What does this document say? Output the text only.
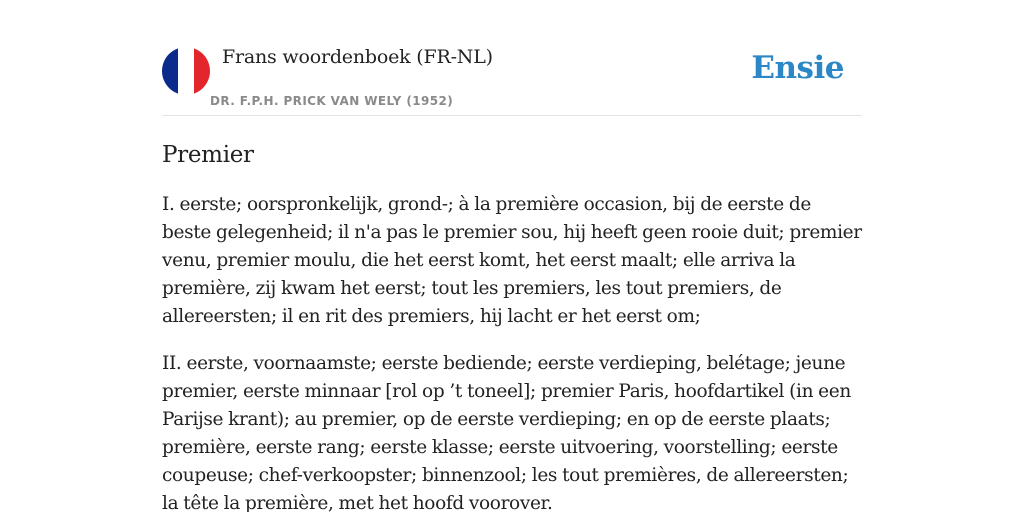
Frans woordenboek (FR-NL)
DR. F.P.H. PRICK VAN WELY (1952)
Ensie
Premier

I. eerste; oorspronkelijk, grond-; à la première occasion, bij de eerste de beste gelegenheid; il n'a pas le premier sou, hij heeft geen rooie duit; premier venu, premier moulu, die het eerst komt, het eerst maalt; elle arriva la première, zij kwam het eerst; tout les premiers, les tout premiers, de allereersten; il en rit des premiers, hij lacht er het eerst om;

II. eerste, voornaamste; eerste bediende; eerste verdieping, belétage; jeune premier, eerste minnaar [rol op ’t toneel]; premier Paris, hoofdartikel (in een Parijse krant); au premier, op de eerste verdieping; en op de eerste plaats; première, eerste rang; eerste klasse; eerste uitvoering, voorstelling; eerste coupeuse; chef-verkoopster; binnenzool; les tout premières, de allereersten; la tête la première, met het hoofd voorover.
